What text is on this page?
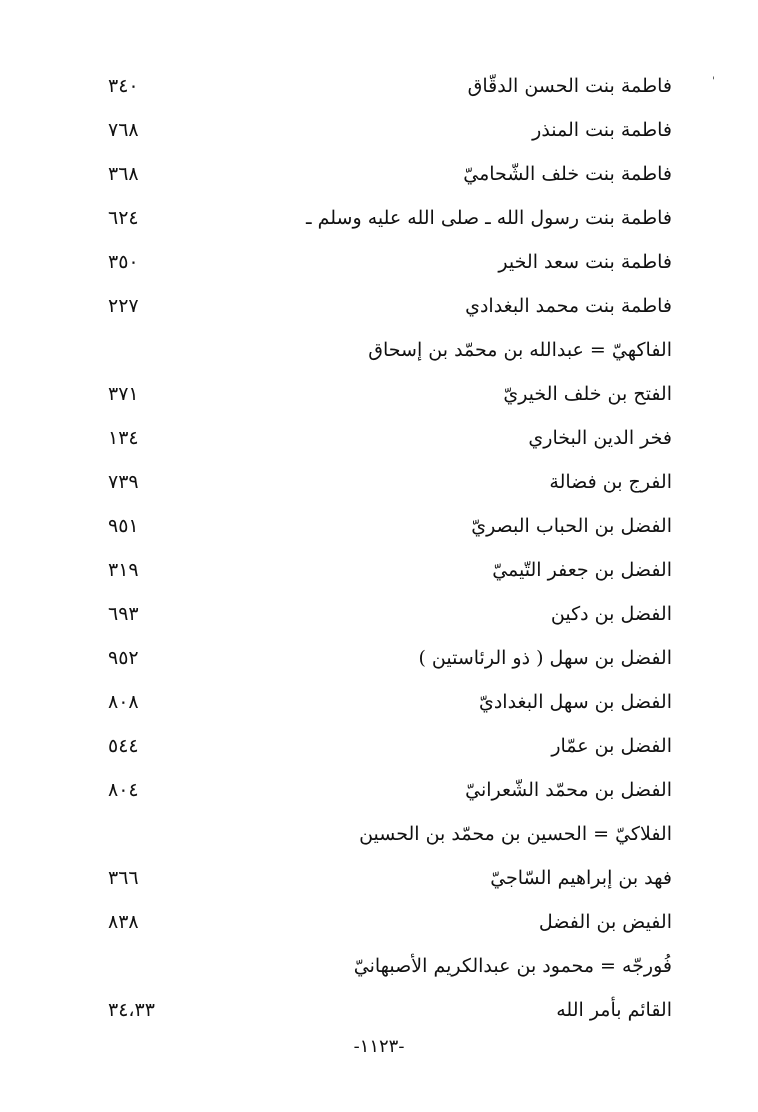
فاطمة بنت الحسن الدقّاق
٣٤٠
فاطمة بنت المنذر
٧٦٨
فاطمة بنت خلف الشّحاميّ
٣٦٨
فاطمة بنت رسول الله ـ صلى الله عليه وسلم ـ
٦٢٤
فاطمة بنت سعد الخير
٣٥٠
فاطمة بنت محمد البغدادي
٢٢٧
الفاكهيّ = عبدالله بن محمّد بن إسحاق
الفتح بن خلف الخيريّ
٣٧١
فخر الدين البخاري
١٣٤
الفرج بن فضالة
٧٣٩
الفضل بن الحباب البصريّ
٩٥١
الفضل بن جعفر التّيميّ
٣١٩
الفضل بن دكين
٦٩٣
الفضل بن سهل ( ذو الرئاستين )
٩٥٢
الفضل بن سهل البغداديّ
٨٠٨
الفضل بن عمّار
٥٤٤
الفضل بن محمّد الشّعرانيّ
٨٠٤
الفلاكيّ = الحسين بن محمّد بن الحسين
فهد بن إبراهيم السّاجيّ
٣٦٦
الفيض بن الفضل
٨٣٨
فُورجّه = محمود بن عبدالكريم الأصبهانيّ
القائم بأمر الله
٣٤،٣٣
'
-١١٢٣-
